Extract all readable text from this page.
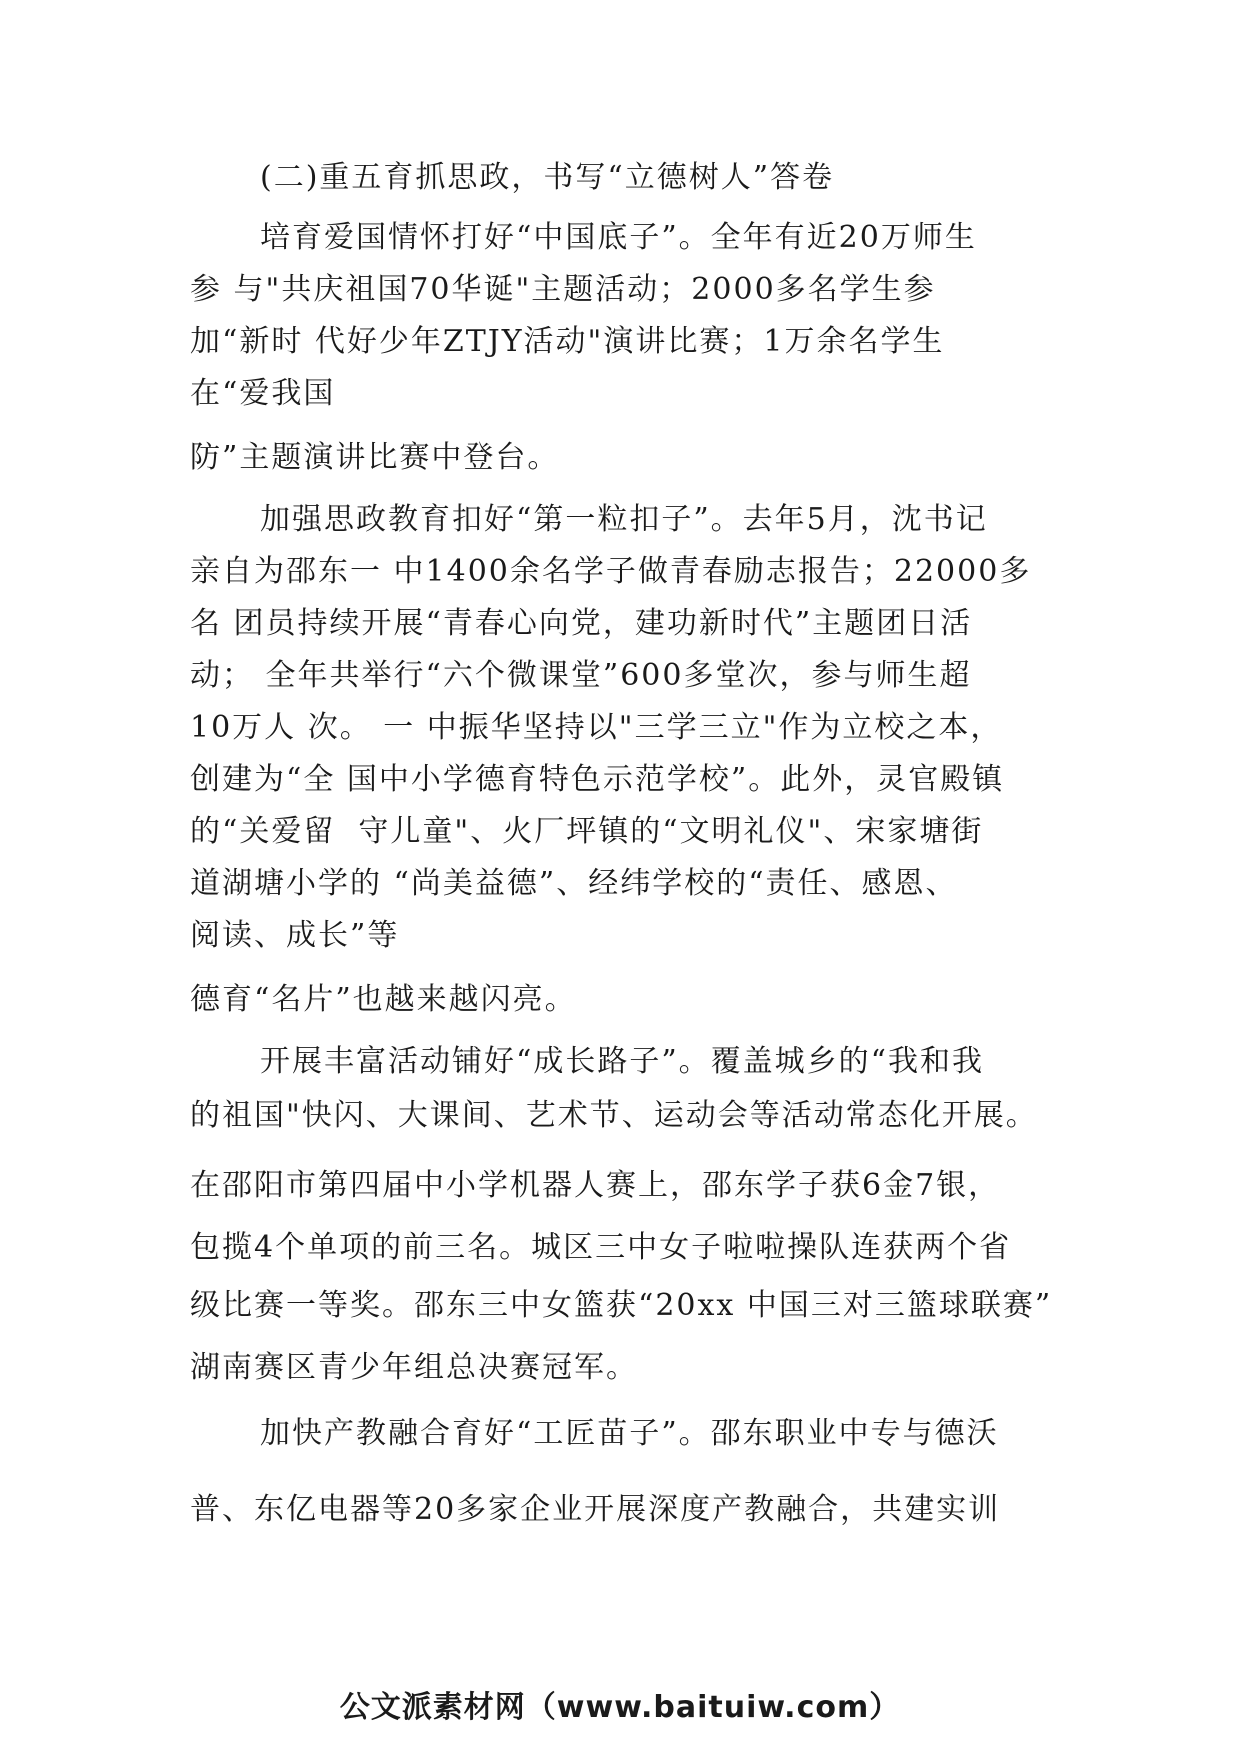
(二)重五育抓思政，书写“立德树人”答卷
培育爱国情怀打好“中国底子”。全年有近20万师生
参 与"共庆祖国70华诞"主题活动；2000多名学生参
加“新时 代好少年ZTJY活动"演讲比赛；1万余名学生
在“爱我国
防”主题演讲比赛中登台。
加强思政教育扣好“第一粒扣子”。去年5月，沈书记
亲自为邵东一 中1400余名学子做青春励志报告；22000多
名 团员持续开展“青春心向党，建功新时代”主题团日活
动； 全年共举行“六个微课堂”600多堂次，参与师生超
10万人 次。 一 中振华坚持以"三学三立"作为立校之本，
创建为“全 国中小学德育特色示范学校”。此外，灵官殿镇
的“关爱留  守儿童"、火厂坪镇的“文明礼仪"、宋家塘街
道湖塘小学的 “尚美益德”、经纬学校的“责任、感恩、
阅读、成长”等
德育“名片”也越来越闪亮。
开展丰富活动铺好“成长路子”。覆盖城乡的“我和我
的祖国"快闪、大课间、艺术节、运动会等活动常态化开展。
在邵阳市第四届中小学机器人赛上，邵东学子获6金7银，
包揽4个单项的前三名。城区三中女子啦啦操队连获两个省
级比赛一等奖。邵东三中女篮获“20xx 中国三对三篮球联赛”
湖南赛区青少年组总决赛冠军。
加快产教融合育好“工匠苗子”。邵东职业中专与德沃
普、东亿电器等20多家企业开展深度产教融合，共建实训
公文派素材网（www.baituiw.com）
